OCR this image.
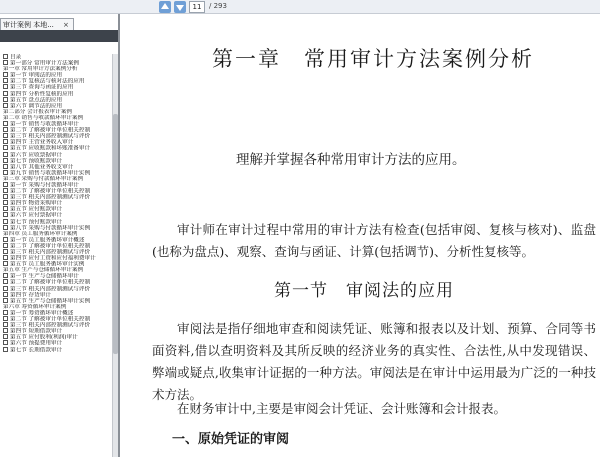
11	/ 293
审计案例 本地... ×
目录
第一部分 常用审计方法案例
第一章 常用审计方法案例分析
第一节 审阅法的应用
第二节 复核法与核对法的应用
第三节 查询与函证的应用
第四节 分析性复核的应用
第五节 盘点法的应用
第六节 调节法的应用
第二部分 会计报表审计案例
第二章 销售与收款循环审计案例
第一节 销售与收款循环审计
第二节 了解被审计单位相关控制
第三节 相关内部控制测试与评价
第四节 主营业务收入审计
第五节 应收账款和坏账准备审计
第六节 应收票据审计
第七节 预收账款审计
第八节 其他业务收支审计
第九节 销售与收款循环审计实例
第三章 采购与付款循环审计案例
第一节 采购与付款循环审计
第二节 了解被审计单位相关控制
第三节 相关内部控制测试与评价
第四节 物资采购审计
第五节 应付账款审计
第六节 应付票据审计
第七节 预付账款审计
第八节 采购与付款循环审计实例
第四章 员工服务循环审计案例
第一节 员工服务循环审计概述
第二节 了解被审计单位相关控制
第三节 相关内部控制测试与评价
第四节 应付工资和应付福利费审计
第五节 员工服务循环审计实例
第五章 生产与仓储循环审计案例
第一节 生产与仓储循环审计
第二节 了解被审计单位相关控制
第三节 相关内部控制测试与评价
第四节 存货审计
第五节 生产与仓储循环审计实例
第六章 筹资循环审计案例
第一节 筹资循环审计概述
第二节 了解被审计单位相关控制
第三节 相关内部控制测试与评价
第四节 短期借款审计
第五节 应付股利(利润)审计
第六节 预提费用审计
第七节 长期借款审计
第一章　常用审计方法案例分析
理解并掌握各种常用审计方法的应用。
审计师在审计过程中常用的审计方法有检查(包括审阅、复核与核对)、监盘(也称为盘点)、观察、查询与函证、计算(包括调节)、分析性复核等。
第一节　审阅法的应用
审阅法是指仔细地审查和阅读凭证、账簿和报表以及计划、预算、合同等书面资料,借以查明资料及其所反映的经济业务的真实性、合法性,从中发现错误、弊端或疑点,收集审计证据的一种方法。审阅法是在审计中运用最为广泛的一种技术方法。
在财务审计中,主要是审阅会计凭证、会计账簿和会计报表。
一、原始凭证的审阅
